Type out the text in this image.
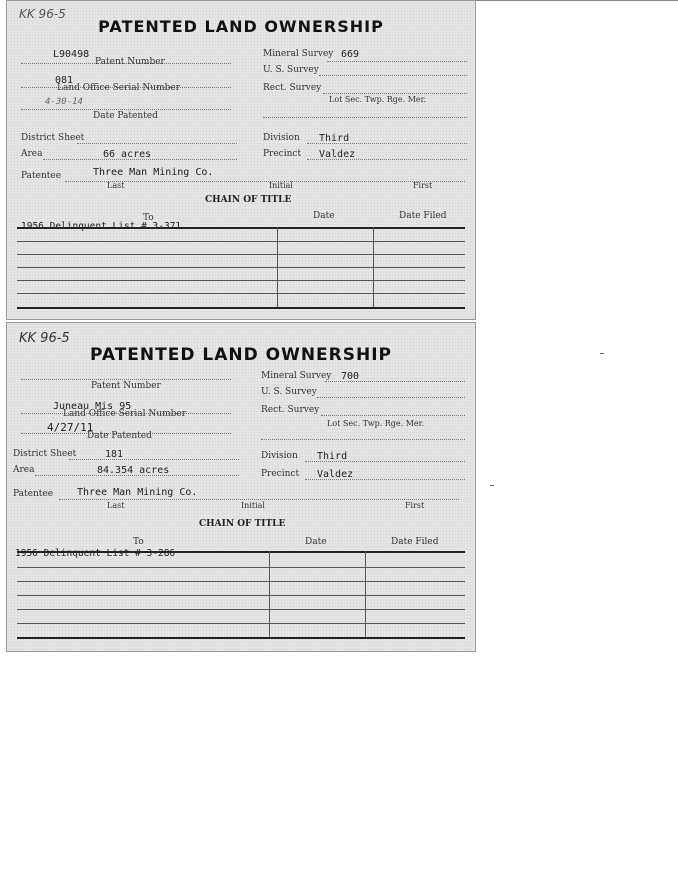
KK 96-5
PATENTED LAND OWNERSHIP
L90498
Patent Number
081
Land Office Serial Number
4-30-14
Date Patented
District Sheet
Area	66 acres
Patentee	Three Man Mining Co.
Last	Initial	First
Mineral Survey 669
U. S. Survey
Rect. Survey
Lot Sec. Twp. Rge. Mer.
Division Third
Precinct Valdez
CHAIN OF TITLE
To	Date	Date Filed
1956 Delinquent List # 3-371
KK 96-5
PATENTED LAND OWNERSHIP
Patent Number
Juneau Mis 95
Land Office Serial Number
4/27/11
Date Patented
District Sheet	181
Area	84.354 acres
Patentee Three Man Mining Co.
Last	Initial	First
Mineral Survey 700
U. S. Survey
Rect. Survey
Lot Sec. Twp. Rge. Mer.
Division Third
Precinct Valdez
CHAIN OF TITLE
To	Date	Date Filed
1956 Delinquent List # 3-286
